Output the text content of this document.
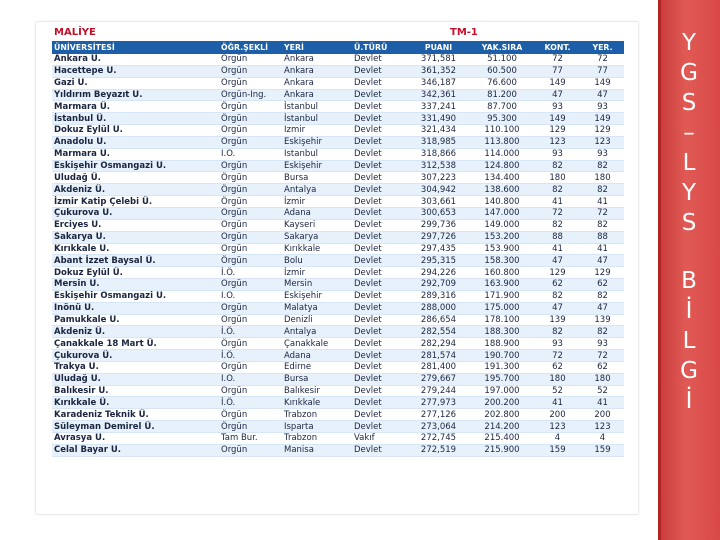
MALİYE	TM-1
ÜNİVERSİTESİ	ÖĞR.ŞEKLİ	YERİ	Ü.TÜRÜ	PUANI	YAK.SIRA	KONT.	YER.
Ankara Ü.	Örgün	Ankara	Devlet	371,581	51.100	72	72
Hacettepe Ü.	Örgün	Ankara	Devlet	361,352	60.500	77	77
Gazi Ü.	Örgün	Ankara	Devlet	346,187	76.600	149	149
Yıldırım Beyazıt Ü.	Örgün-İng.	Ankara	Devlet	342,361	81.200	47	47
Marmara Ü.	Örgün	İstanbul	Devlet	337,241	87.700	93	93
İstanbul Ü.	Örgün	İstanbul	Devlet	331,490	95.300	149	149
Dokuz Eylül Ü.	Örgün	İzmir	Devlet	321,434	110.100	129	129
Anadolu Ü.	Örgün	Eskişehir	Devlet	318,985	113.800	123	123
Marmara Ü.	İ.Ö.	İstanbul	Devlet	318,866	114.000	93	93
Eskişehir Osmangazi Ü.	Örgün	Eskişehir	Devlet	312,538	124.800	82	82
Uludağ Ü.	Örgün	Bursa	Devlet	307,223	134.400	180	180
Akdeniz Ü.	Örgün	Antalya	Devlet	304,942	138.600	82	82
İzmir Katip Çelebi Ü.	Örgün	İzmir	Devlet	303,661	140.800	41	41
Çukurova Ü.	Örgün	Adana	Devlet	300,653	147.000	72	72
Erciyes Ü.	Örgün	Kayseri	Devlet	299,736	149.000	82	82
Sakarya Ü.	Örgün	Sakarya	Devlet	297,726	153.200	88	88
Kırıkkale Ü.	Örgün	Kırıkkale	Devlet	297,435	153.900	41	41
Abant İzzet Baysal Ü.	Örgün	Bolu	Devlet	295,315	158.300	47	47
Dokuz Eylül Ü.	İ.Ö.	İzmir	Devlet	294,226	160.800	129	129
Mersin Ü.	Örgün	Mersin	Devlet	292,709	163.900	62	62
Eskişehir Osmangazi Ü.	İ.Ö.	Eskişehir	Devlet	289,316	171.900	82	82
İnönü Ü.	Örgün	Malatya	Devlet	288,000	175.000	47	47
Pamukkale Ü.	Örgün	Denizli	Devlet	286,654	178.100	139	139
Akdeniz Ü.	İ.Ö.	Antalya	Devlet	282,554	188.300	82	82
Çanakkale 18 Mart Ü.	Örgün	Çanakkale	Devlet	282,294	188.900	93	93
Çukurova Ü.	İ.Ö.	Adana	Devlet	281,574	190.700	72	72
Trakya Ü.	Örgün	Edirne	Devlet	281,400	191.300	62	62
Uludağ Ü.	İ.Ö.	Bursa	Devlet	279,667	195.700	180	180
Balıkesir Ü.	Örgün	Balıkesir	Devlet	279,244	197.000	52	52
Kırıkkale Ü.	İ.Ö.	Kırıkkale	Devlet	277,973	200.200	41	41
Karadeniz Teknik Ü.	Örgün	Trabzon	Devlet	277,126	202.800	200	200
Süleyman Demirel Ü.	Örgün	Isparta	Devlet	273,064	214.200	123	123
Avrasya Ü.	Tam Bur.	Trabzon	Vakıf	272,745	215.400	4	4
Celal Bayar Ü.	Örgün	Manisa	Devlet	272,519	215.900	159	159
Y
G
S
–
L
Y
S
B
İ
L
G
İ
